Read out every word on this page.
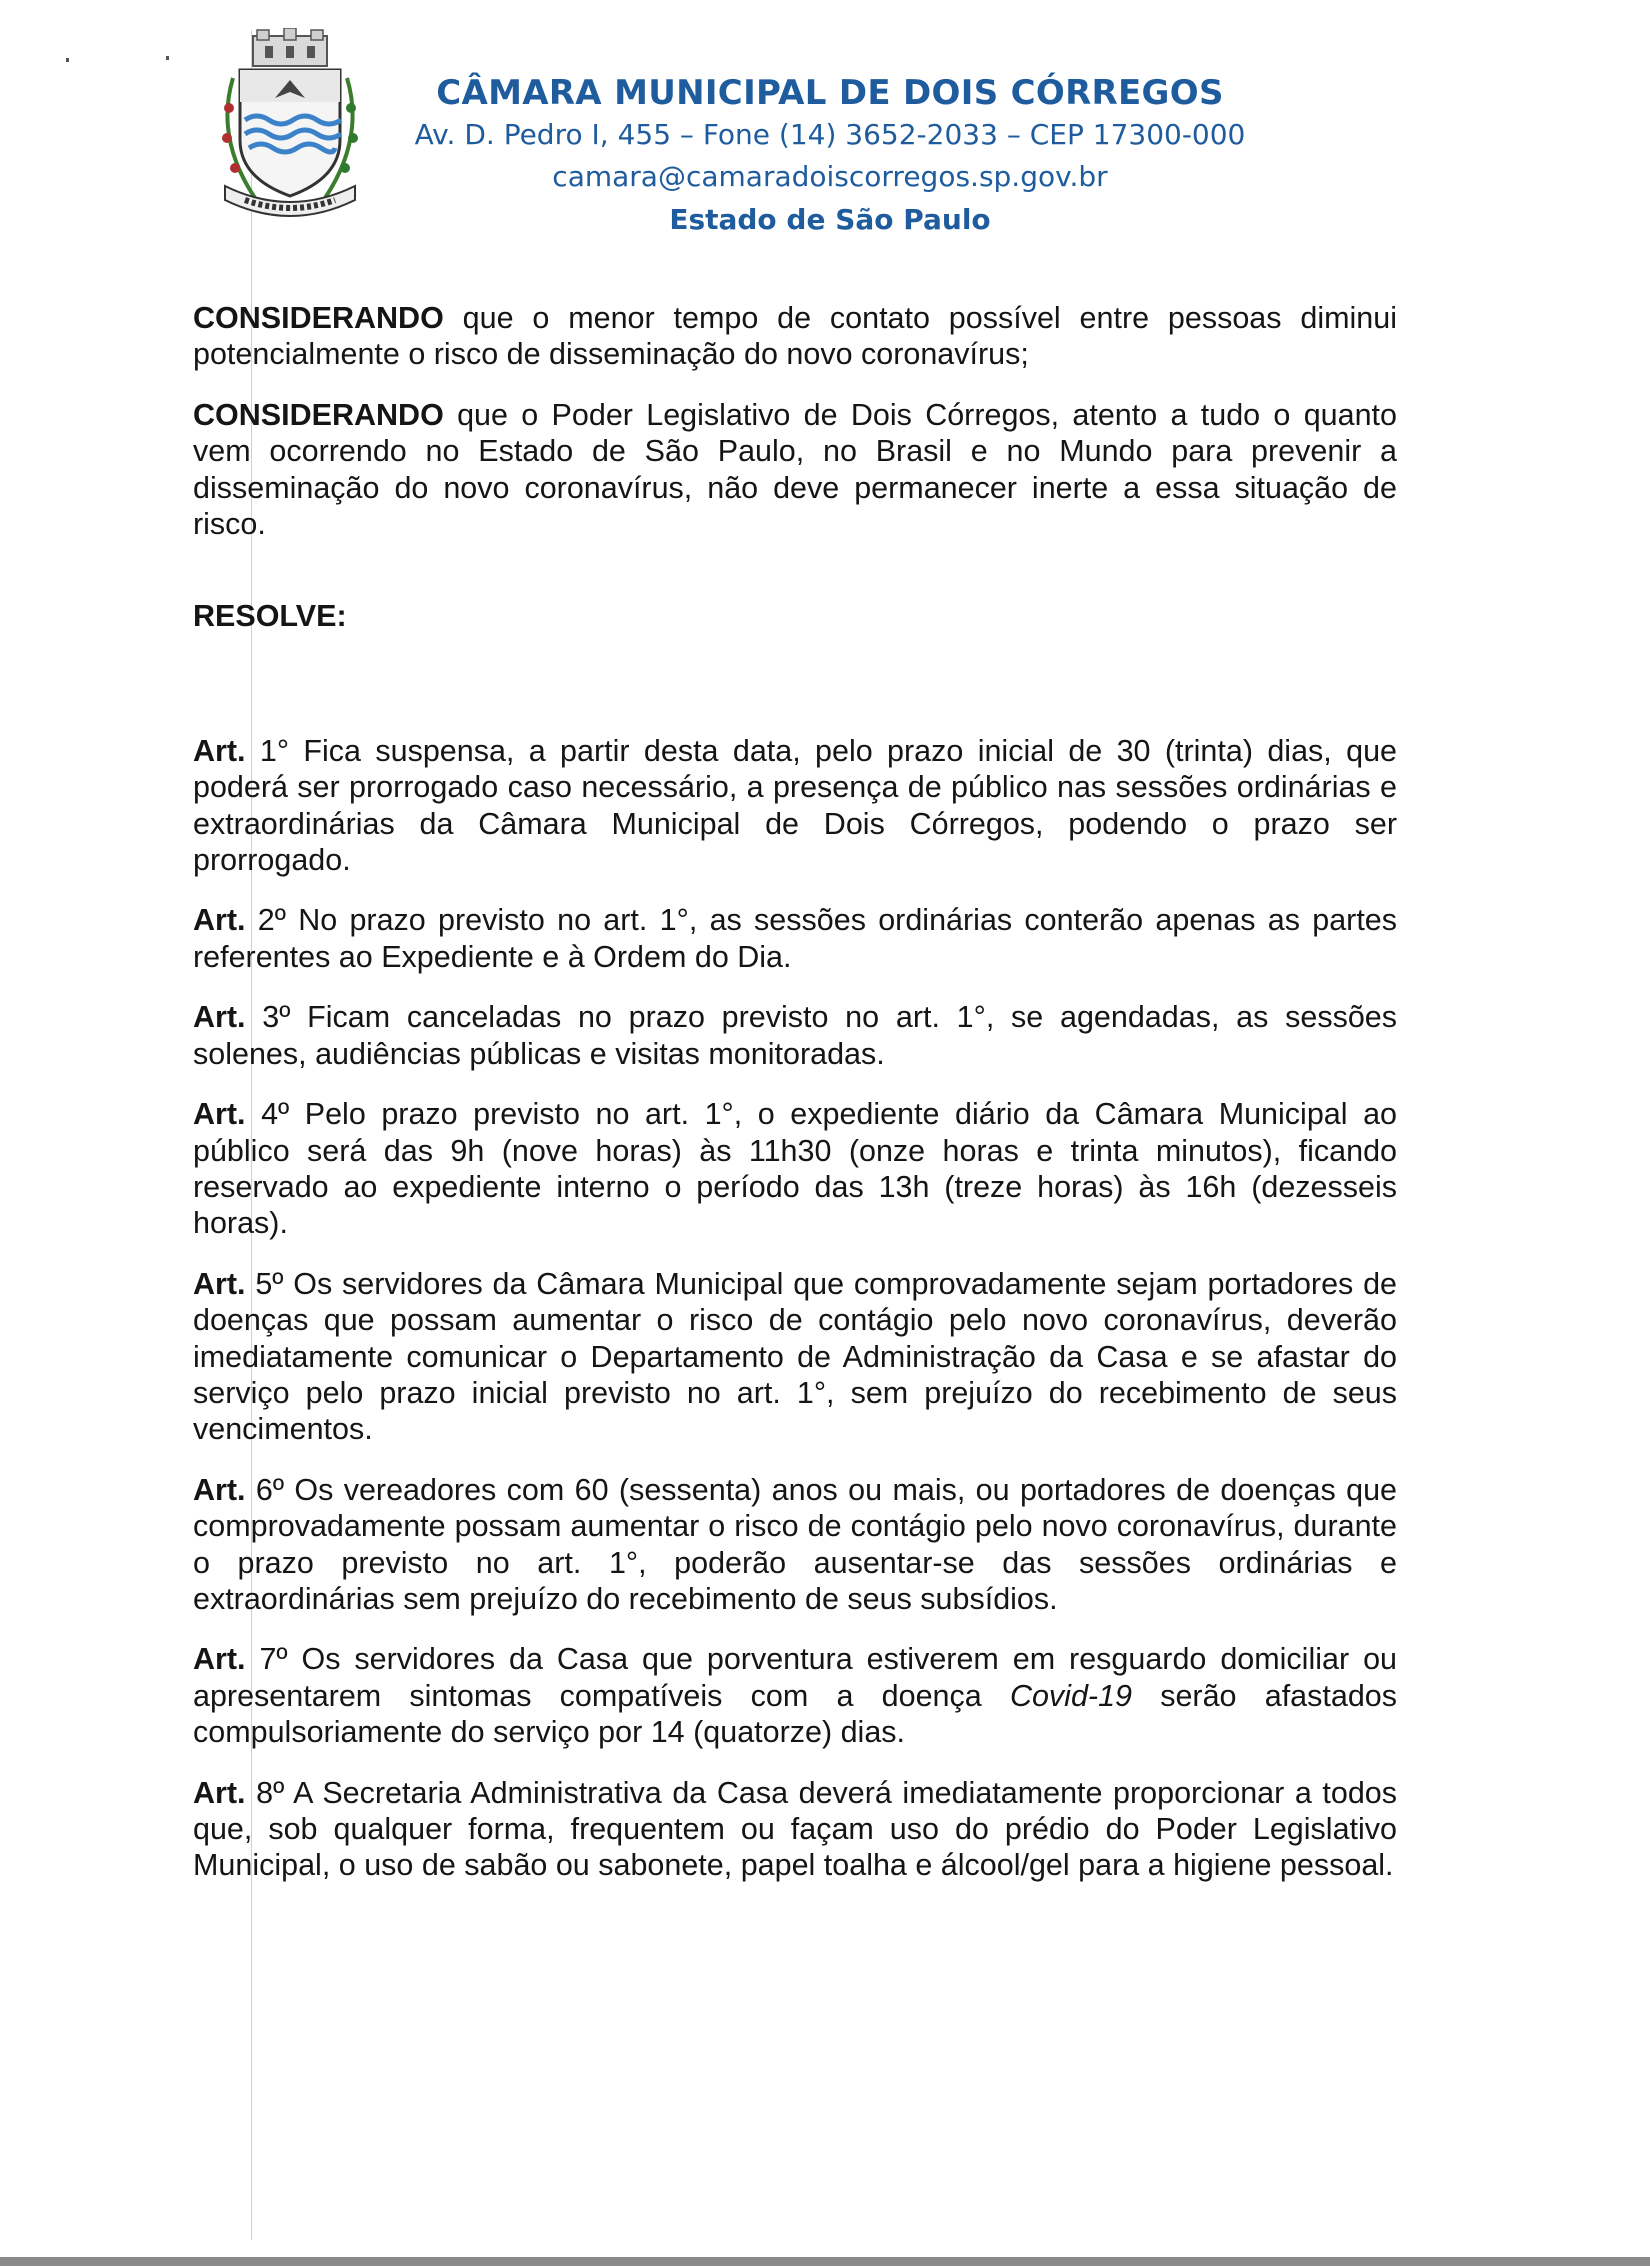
CÂMARA MUNICIPAL DE DOIS CÓRREGOS
Av. D. Pedro I, 455 – Fone (14) 3652-2033 – CEP 17300-000
camara@camaradoiscorregos.sp.gov.br
Estado de São Paulo

CONSIDERANDO que o menor tempo de contato possível entre pessoas diminui potencialmente o risco de disseminação do novo coronavírus;

CONSIDERANDO que o Poder Legislativo de Dois Córregos, atento a tudo o quanto vem ocorrendo no Estado de São Paulo, no Brasil e no Mundo para prevenir a disseminação do novo coronavírus, não deve permanecer inerte a essa situação de risco.

RESOLVE:

Art. 1° Fica suspensa, a partir desta data, pelo prazo inicial de 30 (trinta) dias, que poderá ser prorrogado caso necessário, a presença de público nas sessões ordinárias e extraordinárias da Câmara Municipal de Dois Córregos, podendo o prazo ser prorrogado.

Art. 2º No prazo previsto no art. 1°, as sessões ordinárias conterão apenas as partes referentes ao Expediente e à Ordem do Dia.

Art. 3º Ficam canceladas no prazo previsto no art. 1°, se agendadas, as sessões solenes, audiências públicas e visitas monitoradas.

Art. 4º Pelo prazo previsto no art. 1°, o expediente diário da Câmara Municipal ao público será das 9h (nove horas) às 11h30 (onze horas e trinta minutos), ficando reservado ao expediente interno o período das 13h (treze horas) às 16h (dezesseis horas).

Art. 5º Os servidores da Câmara Municipal que comprovadamente sejam portadores de doenças que possam aumentar o risco de contágio pelo novo coronavírus, deverão imediatamente comunicar o Departamento de Administração da Casa e se afastar do serviço pelo prazo inicial previsto no art. 1°, sem prejuízo do recebimento de seus vencimentos.

Art. 6º Os vereadores com 60 (sessenta) anos ou mais, ou portadores de doenças que comprovadamente possam aumentar o risco de contágio pelo novo coronavírus, durante o prazo previsto no art. 1°, poderão ausentar-se das sessões ordinárias e extraordinárias sem prejuízo do recebimento de seus subsídios.

Art. 7º Os servidores da Casa que porventura estiverem em resguardo domiciliar ou apresentarem sintomas compatíveis com a doença Covid-19 serão afastados compulsoriamente do serviço por 14 (quatorze) dias.

Art. 8º A Secretaria Administrativa da Casa deverá imediatamente proporcionar a todos que, sob qualquer forma, frequentem ou façam uso do prédio do Poder Legislativo Municipal, o uso de sabão ou sabonete, papel toalha e álcool/gel para a higiene pessoal.
